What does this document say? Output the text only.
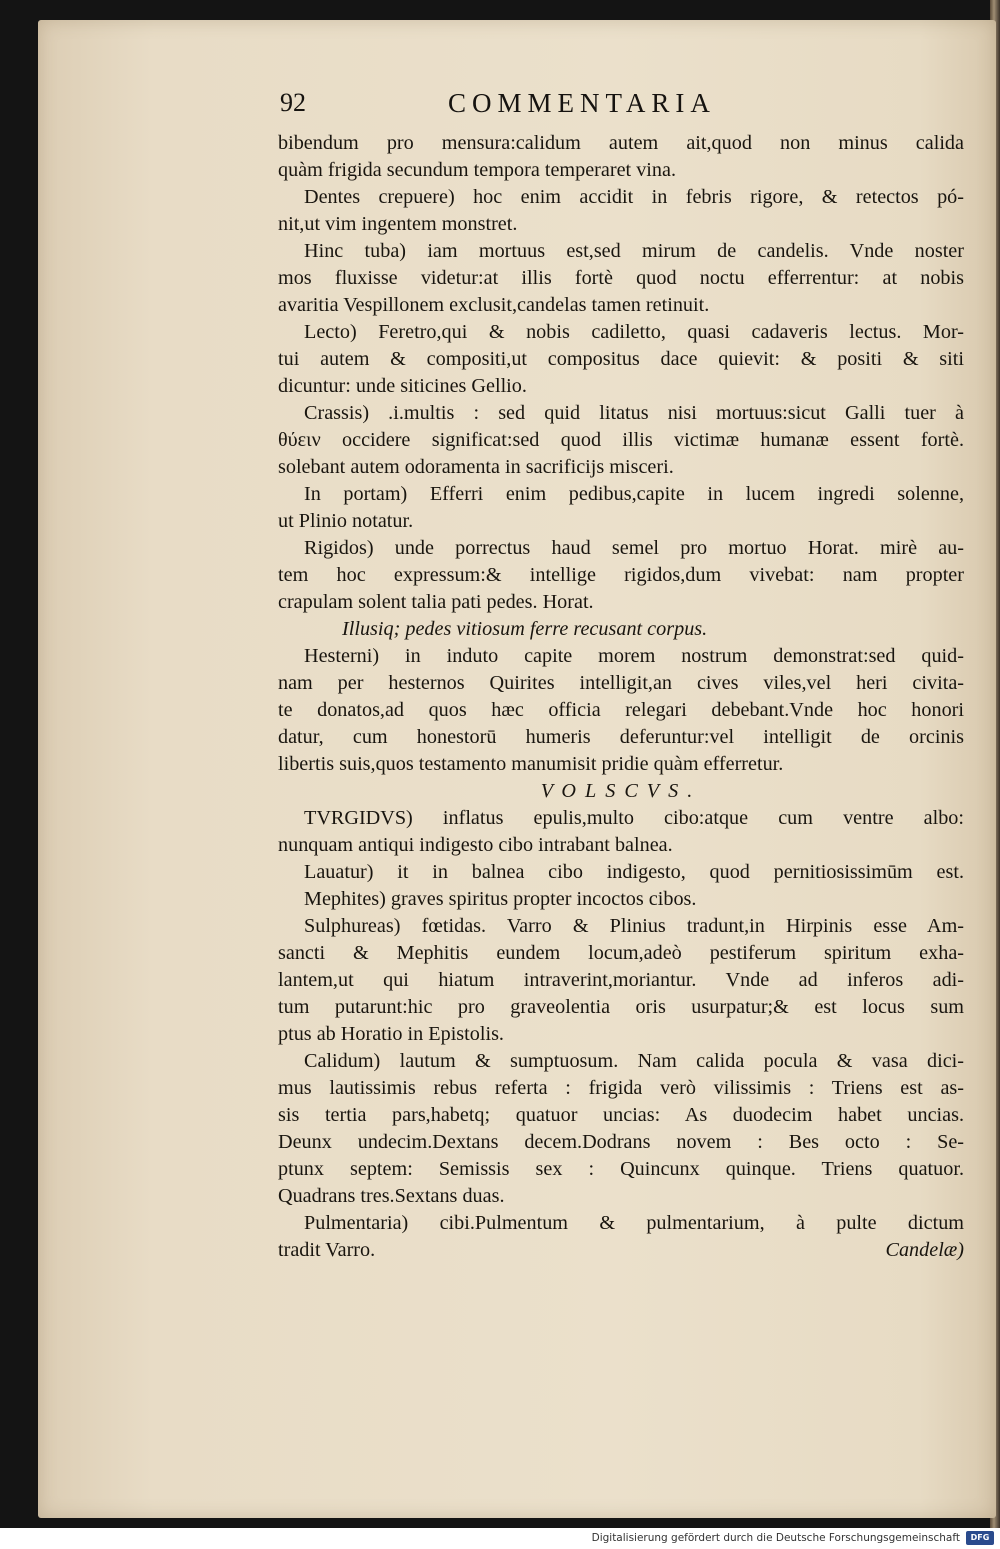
92	COMMENTARIA
bibendum pro mensura:calidum autem ait,quod non minus calida
quàm frigida secundum tempora temperaret vina.
Dentes crepuere) hoc enim accidit in febris rigore, & retectos pó-
nit,ut vim ingentem monstret.
Hinc tuba) iam mortuus est,sed mirum de candelis. Vnde noster
mos fluxisse videtur:at illis fortè quod noctu efferrentur: at nobis
avaritia Vespillonem exclusit,candelas tamen retinuit.
Lecto) Feretro,qui & nobis cadiletto, quasi cadaveris lectus. Mor-
tui autem & compositi,ut compositus dace quievit: & positi & siti
dicuntur: unde siticines Gellio.
Crassis) .i.multis : sed quid litatus nisi mortuus:sicut Galli tuer à
θύειν occidere significat:sed quod illis victimæ humanæ essent fortè.
solebant autem odoramenta in sacrificijs misceri.
In portam) Efferri enim pedibus,capite in lucem ingredi solenne,
ut Plinio notatur.
Rigidos) unde porrectus haud semel pro mortuo Horat. mirè au-
tem hoc expressum:& intellige rigidos,dum vivebat: nam propter
crapulam solent talia pati pedes. Horat.
Illusiq; pedes vitiosum ferre recusant corpus.
Hesterni) in induto capite morem nostrum demonstrat:sed quid-
nam per hesternos Quirites intelligit,an cives viles,vel heri civita-
te donatos,ad quos hæc officia relegari debebant.Vnde hoc honori
datur, cum honestorū humeris deferuntur:vel intelligit de orcinis
libertis suis,quos testamento manumisit pridie quàm efferretur.
VOLSCVS.
TVRGIDVS) inflatus epulis,multo cibo:atque cum ventre albo:
nunquam antiqui indigesto cibo intrabant balnea.
Lauatur) it in balnea cibo indigesto, quod pernitiosissimūm est.
Mephites) graves spiritus propter incoctos cibos.
Sulphureas) fœtidas. Varro & Plinius tradunt,in Hirpinis esse Am-
sancti & Mephitis eundem locum,adeò pestiferum spiritum exha-
lantem,ut qui hiatum intraverint,moriantur. Vnde ad inferos adi-
tum putarunt:hic pro graveolentia oris usurpatur;& est locus sum
ptus ab Horatio in Epistolis.
Calidum) lautum & sumptuosum. Nam calida pocula & vasa dici-
mus lautissimis rebus referta : frigida verò vilissimis : Triens est as-
sis tertia pars,habetq; quatuor uncias: As duodecim habet uncias.
Deunx undecim.Dextans decem.Dodrans novem : Bes octo : Se-
ptunx septem: Semissis sex : Quincunx quinque. Triens quatuor.
Quadrans tres.Sextans duas.
Pulmentaria) cibi.Pulmentum & pulmentarium, à pulte dictum
tradit Varro.	Candelæ)
Digitalisierung gefördert durch die Deutsche Forschungsgemeinschaft	DFG
